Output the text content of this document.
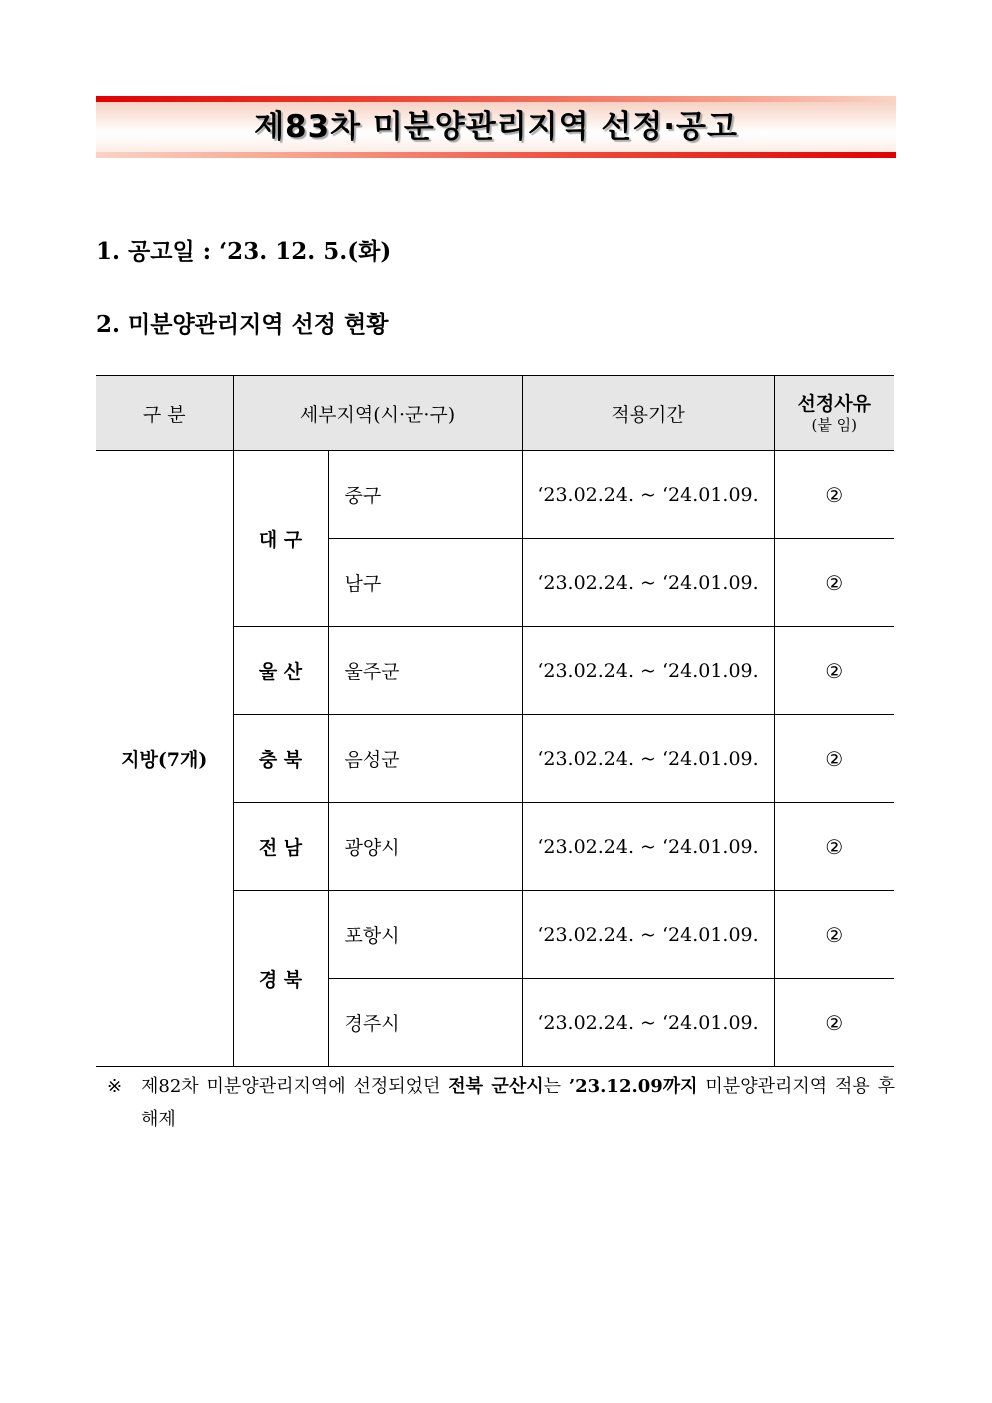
제83차 미분양관리지역 선정·공고
1. 공고일 : ‘23. 12. 5.(화)
2. 미분양관리지역 선정 현황
구 분	세부지역(시·군·구)		적용기간	선정사유
(붙 임)

지방(7개)	대 구	중구	‘23.02.24. ~ ‘24.01.09.	②
		남구	‘23.02.24. ~ ‘24.01.09.	②
	울 산	울주군	‘23.02.24. ~ ‘24.01.09.	②
	충 북	음성군	‘23.02.24. ~ ‘24.01.09.	②
	전 남	광양시	‘23.02.24. ~ ‘24.01.09.	②
	경 북	포항시	‘23.02.24. ~ ‘24.01.09.	②
		경주시	‘23.02.24. ~ ‘24.01.09.	②
※ 제82차 미분양관리지역에 선정되었던 전북 군산시는 ’23.12.09까지 미분양관리지역 적용 후 해제
